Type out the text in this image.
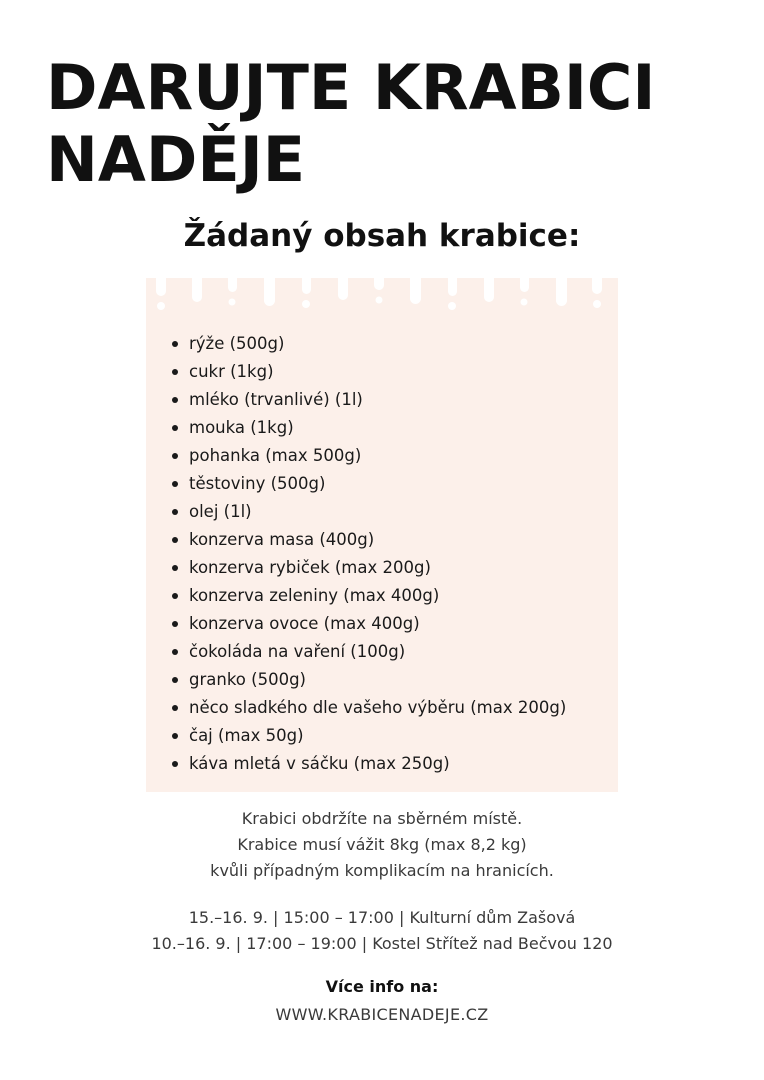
DARUJTE KRABICI
NADĚJE
Žádaný obsah krabice:
rýže (500g)
cukr (1kg)
mléko (trvanlivé) (1l)
mouka (1kg)
pohanka (max 500g)
těstoviny (500g)
olej (1l)
konzerva masa (400g)
konzerva rybiček (max 200g)
konzerva zeleniny (max 400g)
konzerva ovoce (max 400g)
čokoláda na vaření (100g)
granko (500g)
něco sladkého dle vašeho výběru (max 200g)
čaj (max 50g)
káva mletá v sáčku (max 250g)
Krabici obdržíte na sběrném místě.
Krabice musí vážit 8kg (max 8,2 kg)
kvůli případným komplikacím na hranicích.
15.–16. 9. | 15:00 – 17:00 | Kulturní dům Zašová
10.–16. 9. | 17:00 – 19:00 | Kostel Střítež nad Bečvou 120
Více info na:
WWW.KRABICENADEJE.CZ
